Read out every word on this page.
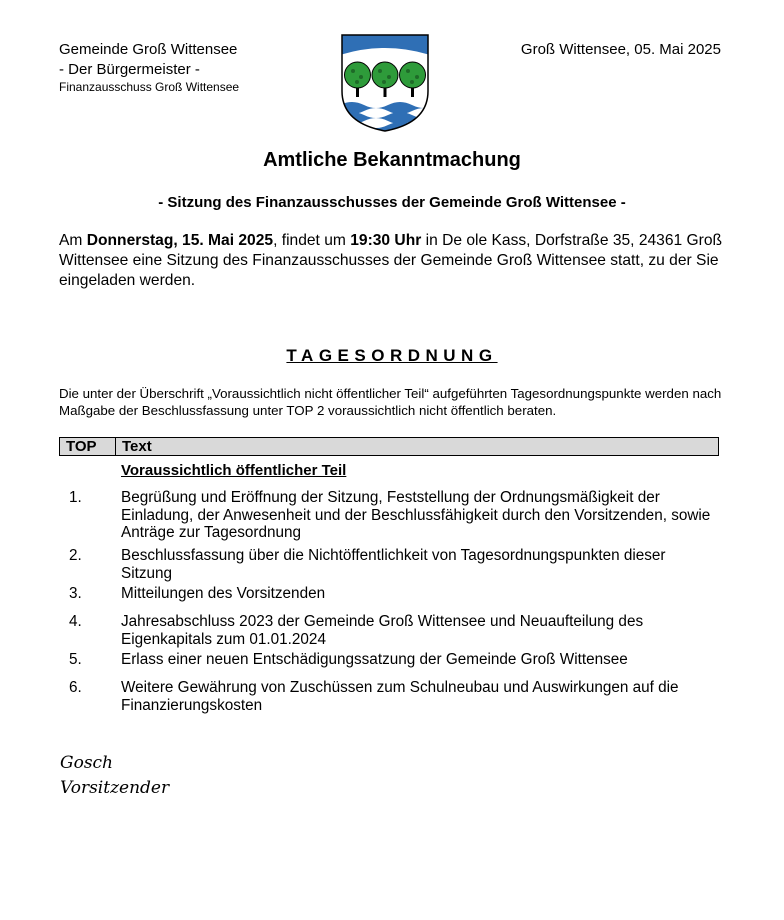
Gemeinde Groß Wittensee
- Der Bürgermeister -
Finanzausschuss Groß Wittensee
Groß Wittensee, 05. Mai 2025
Amtliche Bekanntmachung
- Sitzung des Finanzausschusses der Gemeinde Groß Wittensee -
Am Donnerstag, 15. Mai 2025, findet um 19:30 Uhr in De ole Kass, Dorfstraße 35, 24361 Groß Wittensee eine Sitzung des Finanzausschusses der Gemeinde Groß Wittensee statt, zu der Sie eingeladen werden.
TAGESORDNUNG
Die unter der Überschrift „Voraussichtlich nicht öffentlicher Teil“ aufgeführten Tagesordnungspunkte werden nach Maßgabe der Beschlussfassung unter TOP 2 voraussichtlich nicht öffentlich beraten.
TOP	Text
Voraussichtlich öffentlicher Teil
1.	Begrüßung und Eröffnung der Sitzung, Feststellung der Ordnungsmäßigkeit der Einladung, der Anwesenheit und der Beschlussfähigkeit durch den Vorsitzenden, sowie Anträge zur Tagesordnung
2.	Beschlussfassung über die Nichtöffentlichkeit von Tagesordnungspunkten dieser Sitzung
3.	Mitteilungen des Vorsitzenden
4.	Jahresabschluss 2023 der Gemeinde Groß Wittensee und Neuaufteilung des Eigenkapitals zum 01.01.2024
5.	Erlass einer neuen Entschädigungssatzung der Gemeinde Groß Wittensee
6.	Weitere Gewährung von Zuschüssen zum Schulneubau und Auswirkungen auf die Finanzierungskosten
Gosch
Vorsitzender
